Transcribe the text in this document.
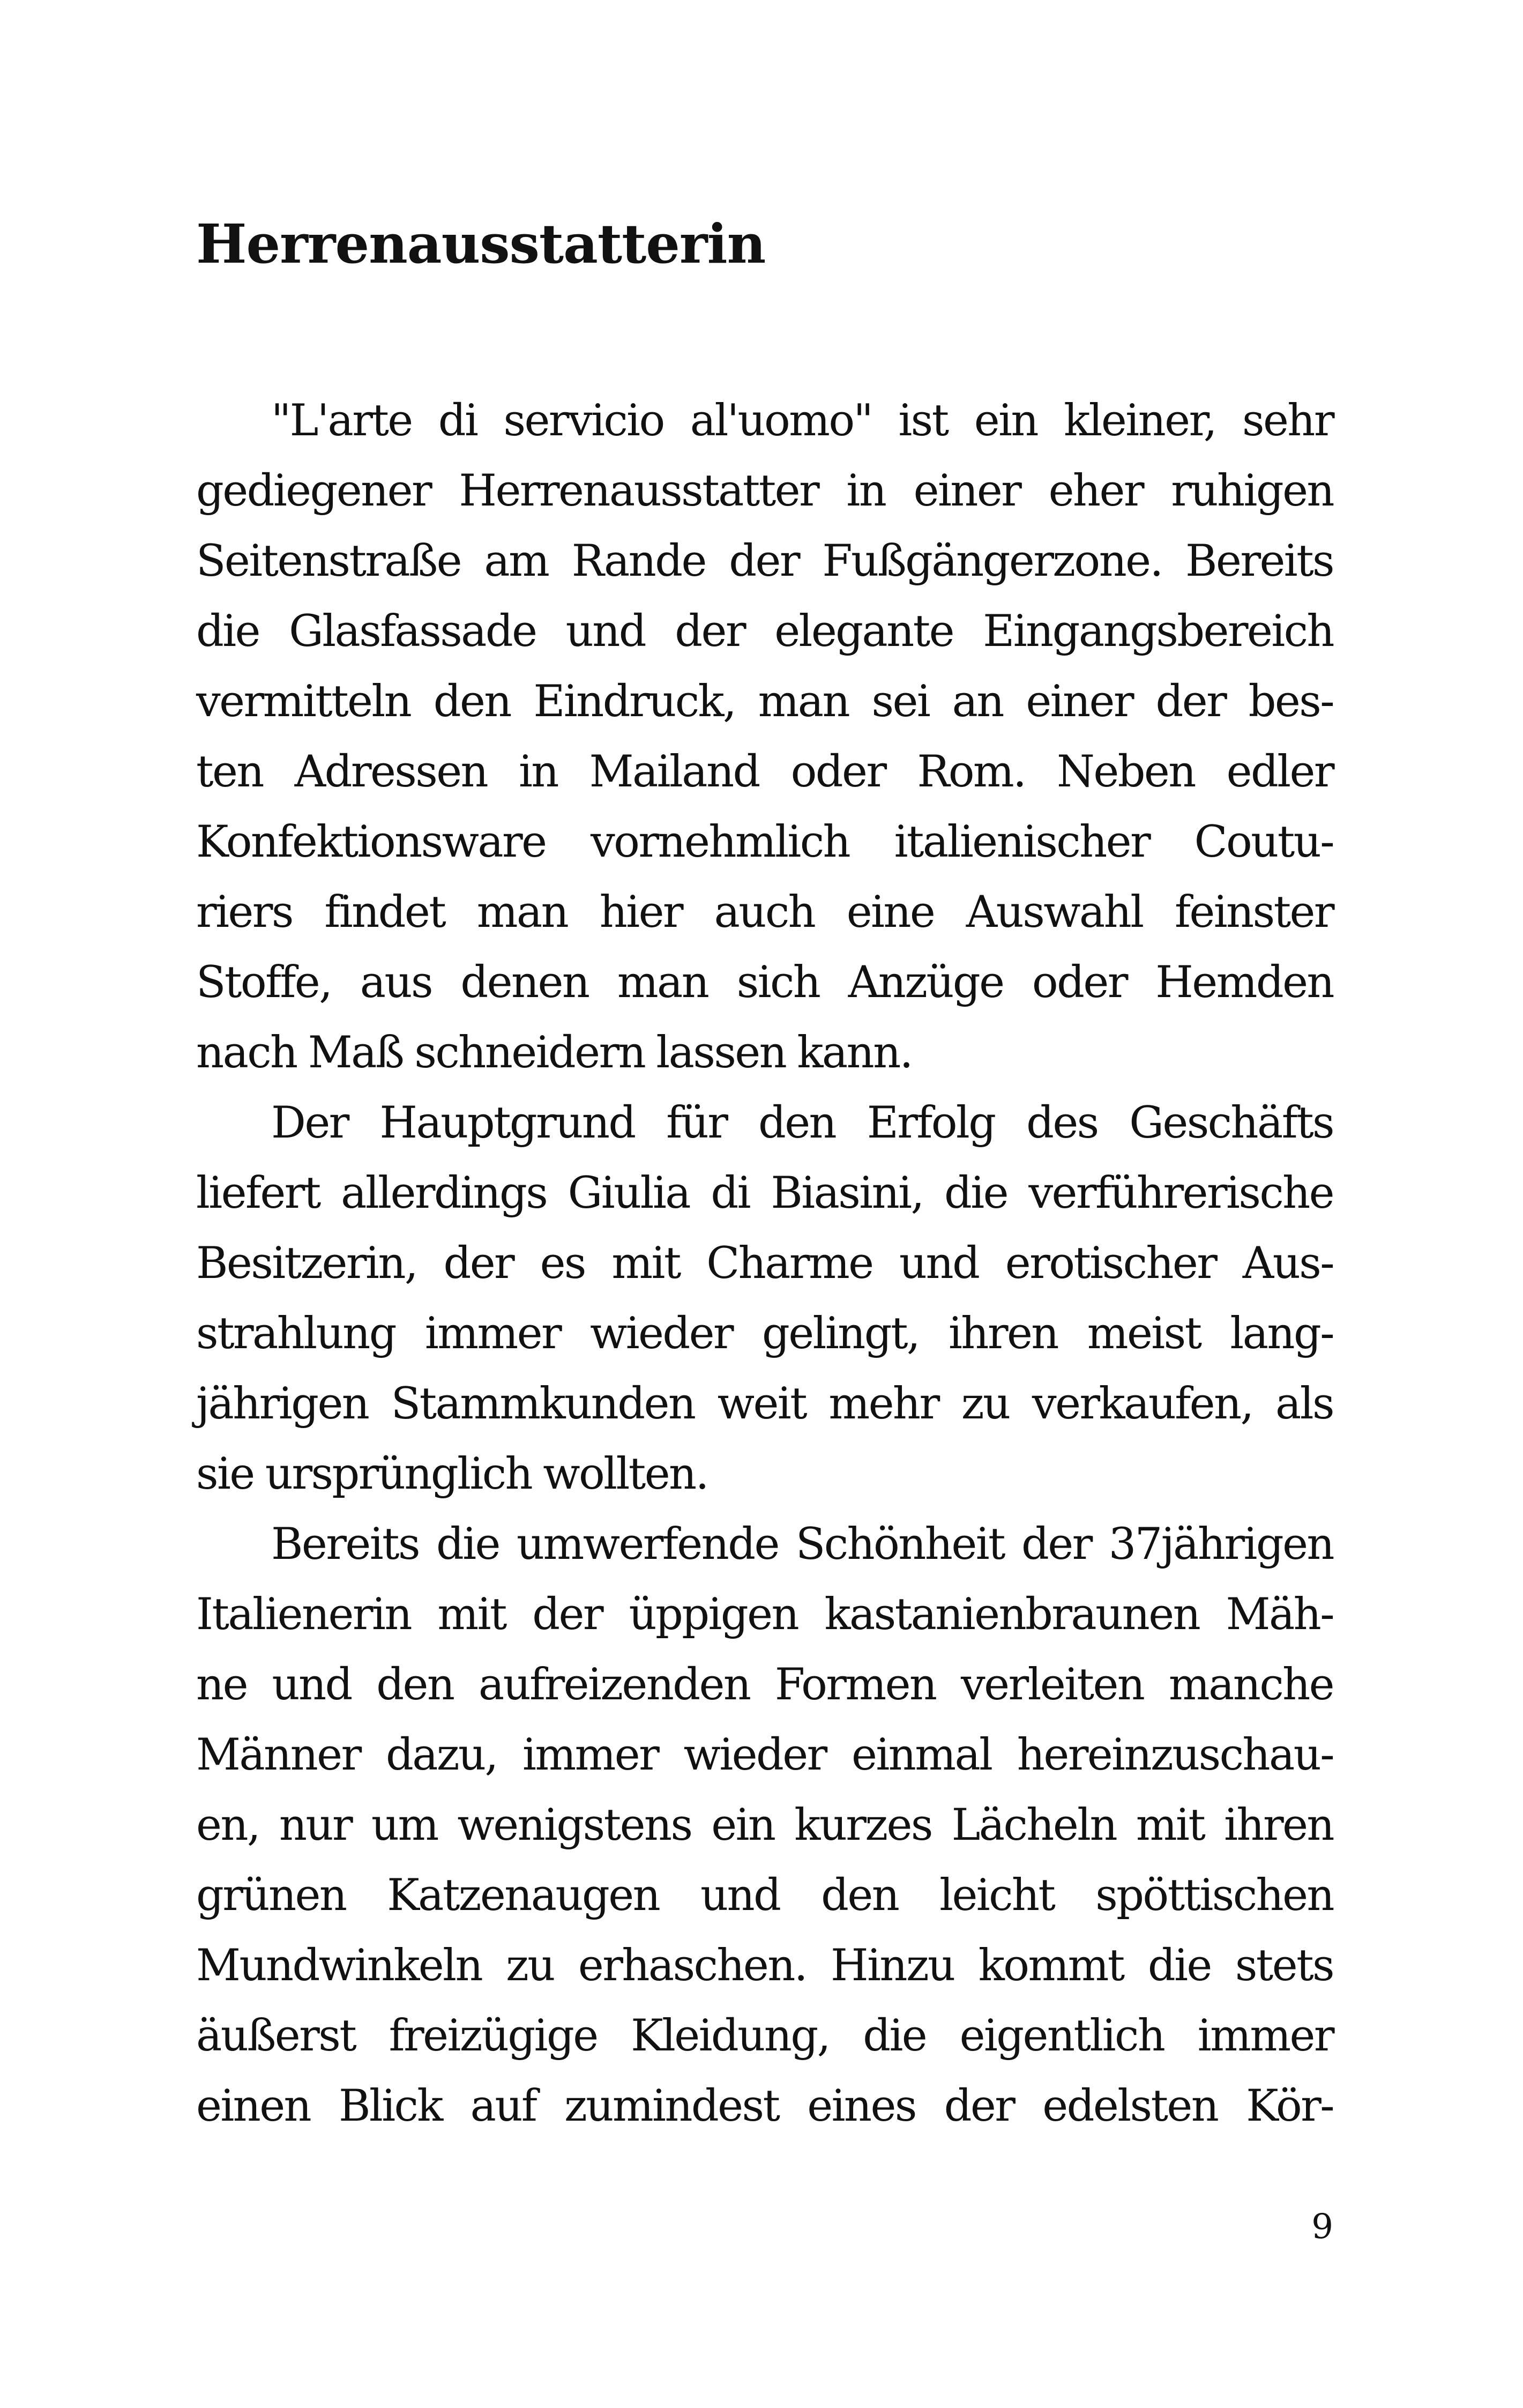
Herrenausstatterin

"L'arte di servicio al'uomo" ist ein kleiner, sehr
gediegener Herrenausstatter in einer eher ruhigen
Seitenstraße am Rande der Fußgängerzone. Bereits
die Glasfassade und der elegante Eingangsbereich
vermitteln den Eindruck, man sei an einer der bes-
ten Adressen in Mailand oder Rom. Neben edler
Konfektionsware vornehmlich italienischer Coutu-
riers findet man hier auch eine Auswahl feinster
Stoffe, aus denen man sich Anzüge oder Hemden
nach Maß schneidern lassen kann.

Der Hauptgrund für den Erfolg des Geschäfts
liefert allerdings Giulia di Biasini, die verführerische
Besitzerin, der es mit Charme und erotischer Aus-
strahlung immer wieder gelingt, ihren meist lang-
jährigen Stammkunden weit mehr zu verkaufen, als
sie ursprünglich wollten.

Bereits die umwerfende Schönheit der 37jährigen
Italienerin mit der üppigen kastanienbraunen Mäh-
ne und den aufreizenden Formen verleiten manche
Männer dazu, immer wieder einmal hereinzuschau-
en, nur um wenigstens ein kurzes Lächeln mit ihren
grünen Katzenaugen und den leicht spöttischen
Mundwinkeln zu erhaschen. Hinzu kommt die stets
äußerst freizügige Kleidung, die eigentlich immer
einen Blick auf zumindest eines der edelsten Kör-

9
